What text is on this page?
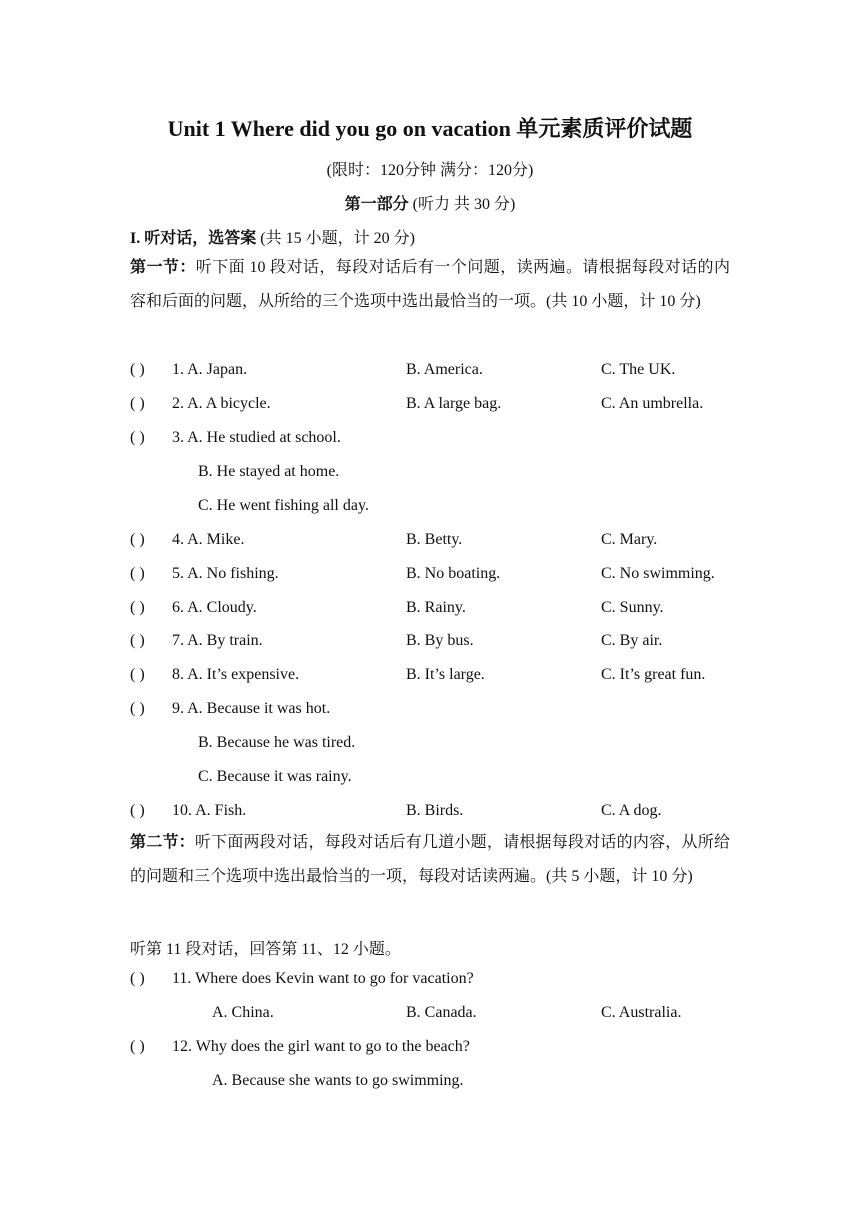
Unit 1 Where did you go on vacation 单元素质评价试题
(限时：120分钟 满分：120分)
第一部分 (听力 共 30 分)
I. 听对话，选答案 (共 15 小题，计 20 分)
第一节：听下面 10 段对话，每段对话后有一个问题，读两遍。请根据每段对话的内容和后面的问题，从所给的三个选项中选出最恰当的一项。(共 10 小题，计 10 分)
( ) 1. A. Japan.	B. America.	C. The UK.
( ) 2. A. A bicycle.	B. A large bag.	C. An umbrella.
( ) 3. A. He studied at school.
B. He stayed at home.
C. He went fishing all day.
( ) 4. A. Mike.	B. Betty.	C. Mary.
( ) 5. A. No fishing.	B. No boating.	C. No swimming.
( ) 6. A. Cloudy.	B. Rainy.	C. Sunny.
( ) 7. A. By train.	B. By bus.	C. By air.
( ) 8. A. It’s expensive.	B. It’s large.	C. It’s great fun.
( ) 9. A. Because it was hot.
B. Because he was tired.
C. Because it was rainy.
( ) 10. A. Fish.	B. Birds.	C. A dog.
第二节：听下面两段对话，每段对话后有几道小题，请根据每段对话的内容，从所给的问题和三个选项中选出最恰当的一项，每段对话读两遍。(共 5 小题，计 10 分)
听第 11 段对话，回答第 11、12 小题。
( ) 11. Where does Kevin want to go for vacation?
A. China.	B. Canada.	C. Australia.
( ) 12. Why does the girl want to go to the beach?
A. Because she wants to go swimming.
